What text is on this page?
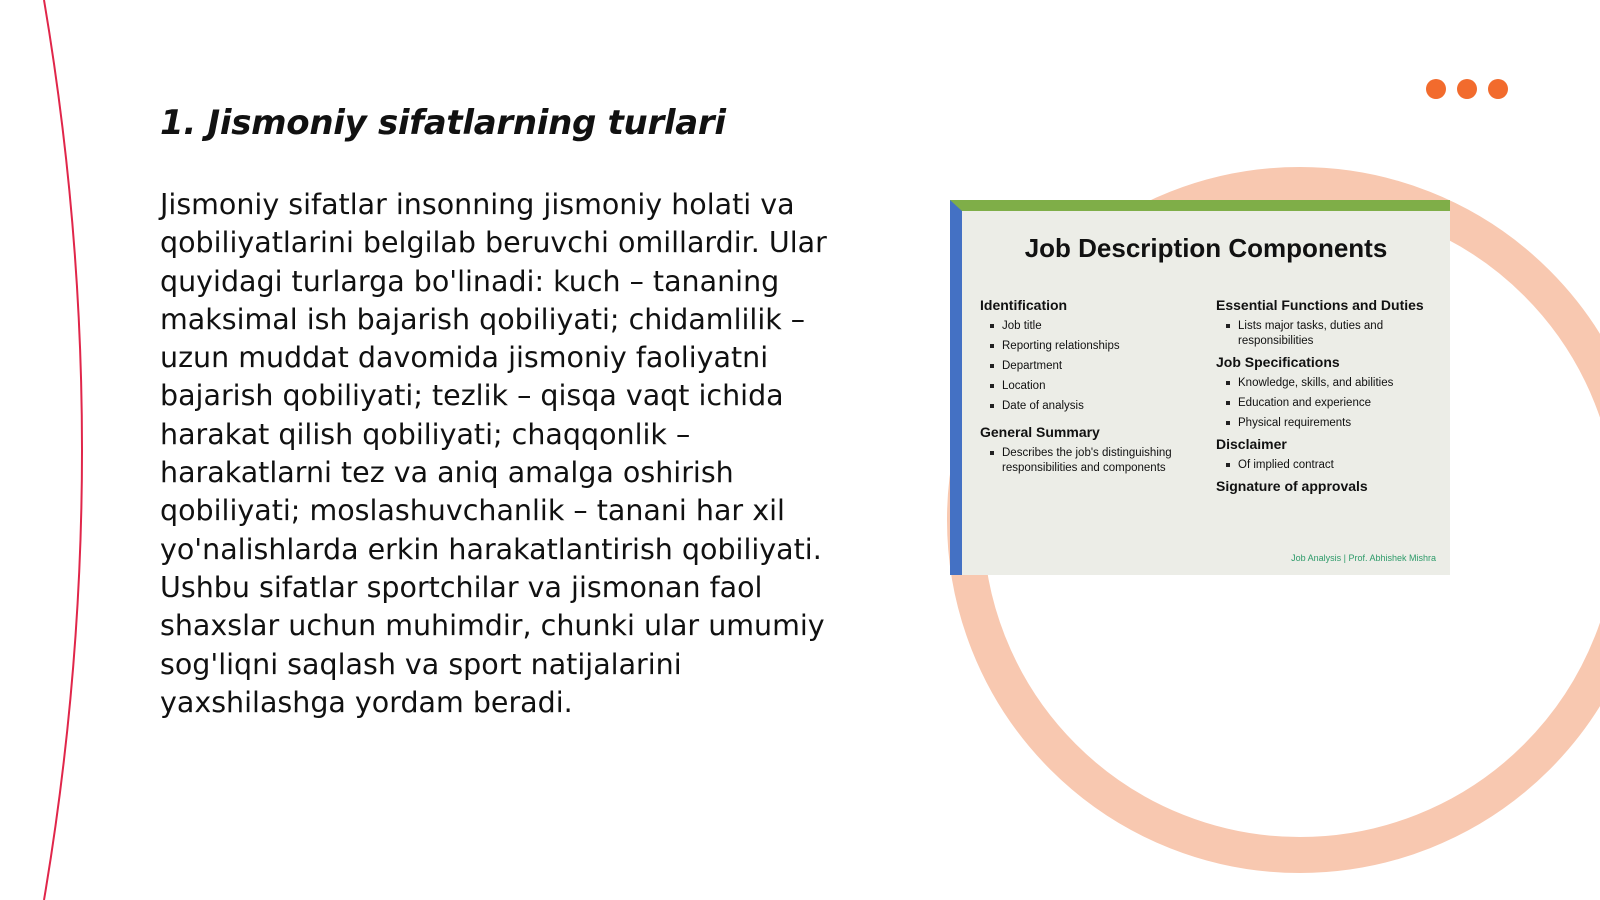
1. Jismoniy sifatlarning turlari

Jismoniy sifatlar insonning jismoniy holati va qobiliyatlarini belgilab beruvchi omillardir. Ular quyidagi turlarga bo'linadi: kuch – tananing maksimal ish bajarish qobiliyati; chidamlilik – uzun muddat davomida jismoniy faoliyatni bajarish qobiliyati; tezlik – qisqa vaqt ichida harakat qilish qobiliyati; chaqqonlik – harakatlarni tez va aniq amalga oshirish qobiliyati; moslashuvchanlik – tanani har xil yo'nalishlarda erkin harakatlantirish qobiliyati. Ushbu sifatlar sportchilar va jismonan faol shaxslar uchun muhimdir, chunki ular umumiy sog'liqni saqlash va sport natijalarini yaxshilashga yordam beradi.

Job Description Components
Identification
Job title
Reporting relationships
Department
Location
Date of analysis
General Summary
Describes the job's distinguishing responsibilities and components
Essential Functions and Duties
Lists major tasks, duties and responsibilities
Job Specifications
Knowledge, skills, and abilities
Education and experience
Physical requirements
Disclaimer
Of implied contract
Signature of approvals
Job Analysis | Prof. Abhishek Mishra
